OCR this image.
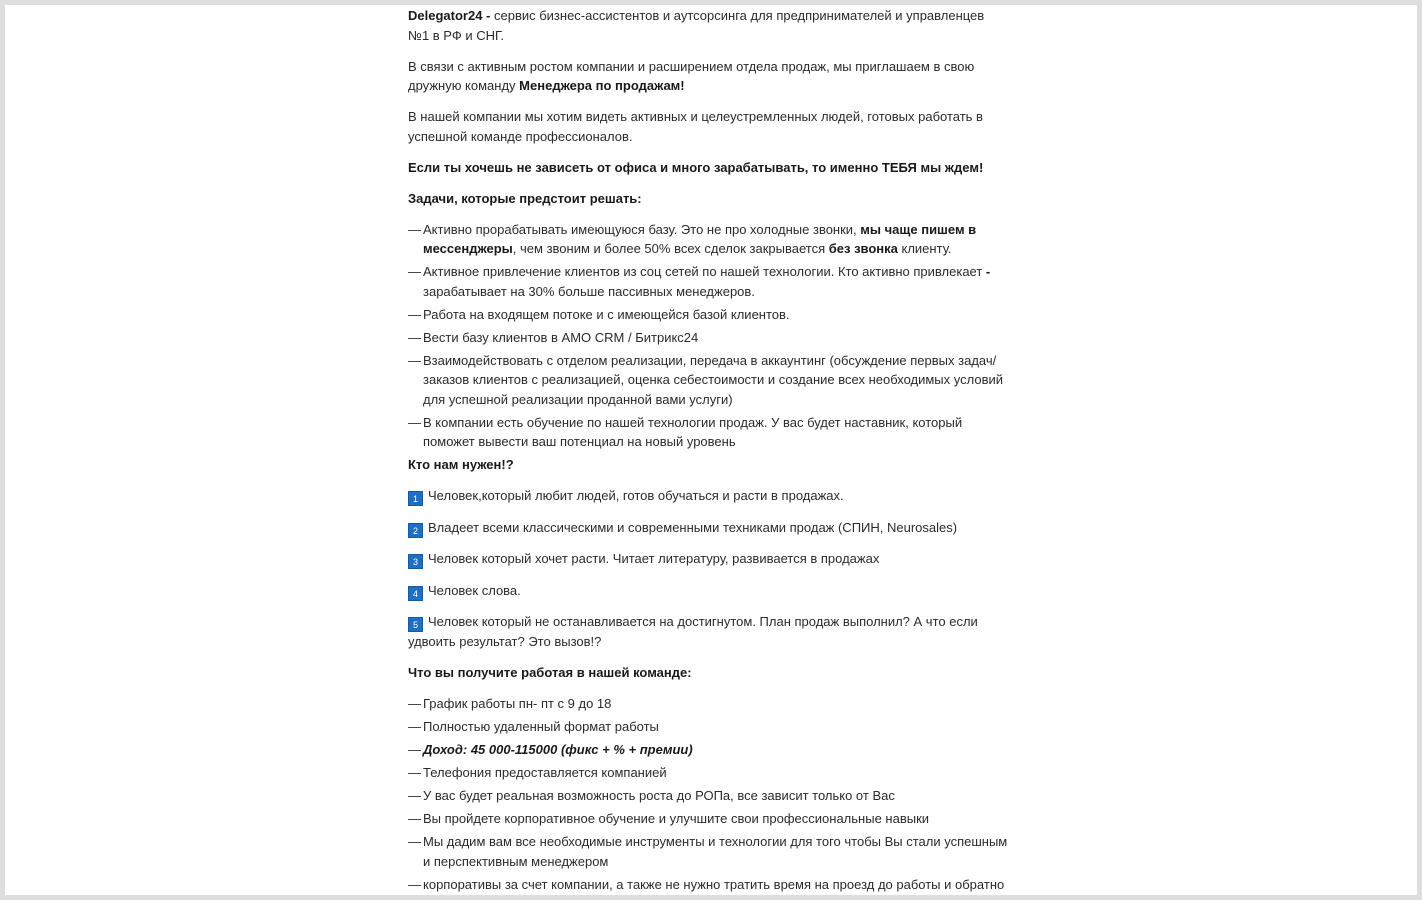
Delegator24 - сервис бизнес-ассистентов и аутсорсинга для предпринимателей и управленцев №1 в РФ и СНГ.

В связи с активным ростом компании и расширением отдела продаж, мы приглашаем в свою дружную команду Менеджера по продажам!

В нашей компании мы хотим видеть активных и целеустремленных людей, готовых работать в успешной команде профессионалов.

Если ты хочешь не зависеть от офиса и много зарабатывать, то именно ТЕБЯ мы ждем!

Задачи, которые предстоит решать:

— Активно прорабатывать имеющуюся базу. Это не про холодные звонки, мы чаще пишем в мессенджеры, чем звоним и более 50% всех сделок закрывается без звонка клиенту.
— Активное привлечение клиентов из соц сетей по нашей технологии. Кто активно привлекает - зарабатывает на 30% больше пассивных менеджеров.
— Работа на входящем потоке и с имеющейся базой клиентов.
— Вести базу клиентов в АМО CRM / Битрикс24
— Взаимодействовать с отделом реализации, передача в аккаунтинг (обсуждение первых задач/ заказов клиентов с реализацией, оценка себестоимости и создание всех необходимых условий для успешной реализации проданной вами услуги)
— В компании есть обучение по нашей технологии продаж. У вас будет наставник, который поможет вывести ваш потенциал на новый уровень

Кто нам нужен!?

1 Человек,который любит людей, готов обучаться и расти в продажах.

2 Владеет всеми классическими и современными техниками продаж (СПИН, Neurosales)

3 Человек который хочет расти. Читает литературу, развивается в продажах

4 Человек слова.

5 Человек который не останавливается на достигнутом. План продаж выполнил? А что если удвоить результат? Это вызов!?

Что вы получите работая в нашей команде:

— График работы пн- пт с 9 до 18
— Полностью удаленный формат работы
— Доход: 45 000-115000 (фикс + % + премии)
— Телефония предоставляется компанией
— У вас будет реальная возможность роста до РОПа, все зависит только от Вас
— Вы пройдете корпоративное обучение и улучшите свои профессиональные навыки
— Мы дадим вам все необходимые инструменты и технологии для того чтобы Вы стали успешным и перспективным менеджером
— корпоративы за счет компании, а также не нужно тратить время на проезд до работы и обратно
